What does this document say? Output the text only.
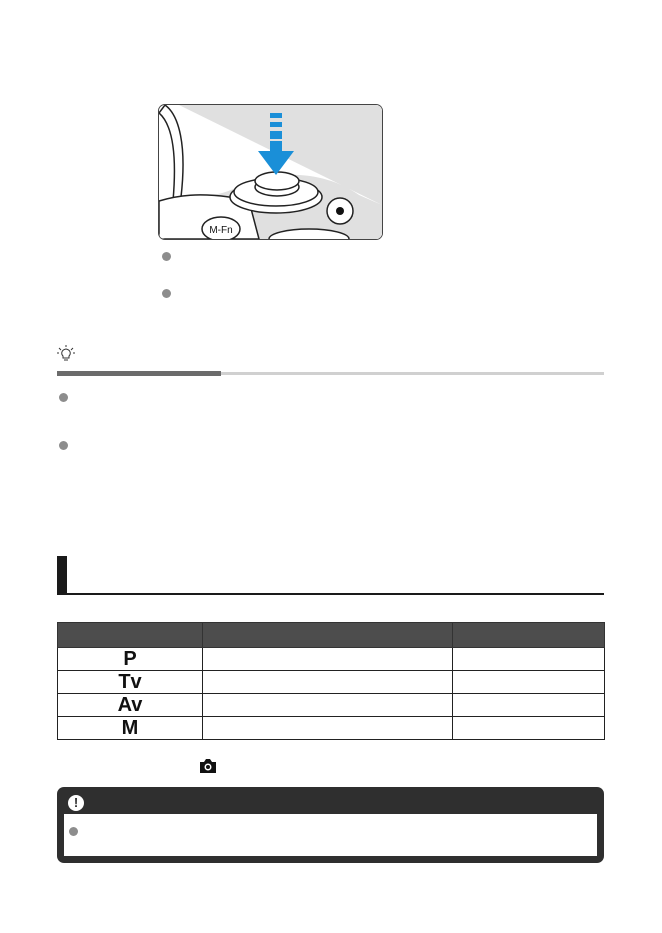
M-Fn

P		
Tv		
Av		
M		
!
